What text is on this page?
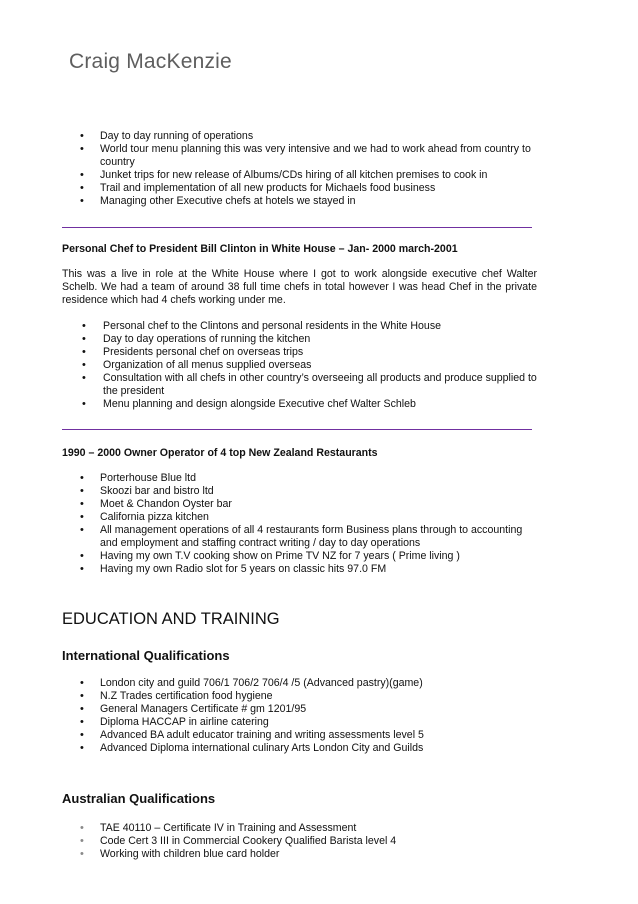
Craig MacKenzie
• Day to day running of operations
• World tour menu planning this was very intensive and we had to work ahead from country to country
• Junket trips for new release of Albums/CDs hiring of all kitchen premises to cook in
• Trail and implementation of all new products for Michaels food business
• Managing other Executive chefs at hotels we stayed in

Personal Chef to President Bill Clinton in White House – Jan- 2000 march-2001

This was a live in role at the White House where I got to work alongside executive chef Walter Schelb. We had a team of around 38 full time chefs in total however I was head Chef in the private residence which had 4 chefs working under me.

• Personal chef to the Clintons and personal residents in the White House
• Day to day operations of running the kitchen
• Presidents personal chef on overseas trips
• Organization of all menus supplied overseas
• Consultation with all chefs in other country’s overseeing all products and produce supplied to the president
• Menu planning and design alongside Executive chef Walter Schleb

1990 – 2000 Owner Operator of 4 top New Zealand Restaurants

• Porterhouse Blue ltd
• Skoozi bar and bistro ltd
• Moet & Chandon Oyster bar
• California pizza kitchen
• All management operations of all 4 restaurants form Business plans through to accounting and employment and staffing contract writing / day to day operations
• Having my own T.V cooking show on Prime TV NZ for 7 years ( Prime living )
• Having my own Radio slot for 5 years on classic hits 97.0 FM
EDUCATION AND TRAINING
International Qualifications
• London city and guild 706/1 706/2 706/4 /5 (Advanced pastry)(game)
• N.Z Trades certification food hygiene
• General Managers Certificate # gm 1201/95
• Diploma HACCAP in airline catering
• Advanced BA adult educator training and writing assessments level 5
• Advanced Diploma international culinary Arts London City and Guilds
Australian Qualifications
• TAE 40110 – Certificate IV in Training and Assessment
• Code Cert 3 III in Commercial Cookery Qualified Barista level 4
• Working with children blue card holder
